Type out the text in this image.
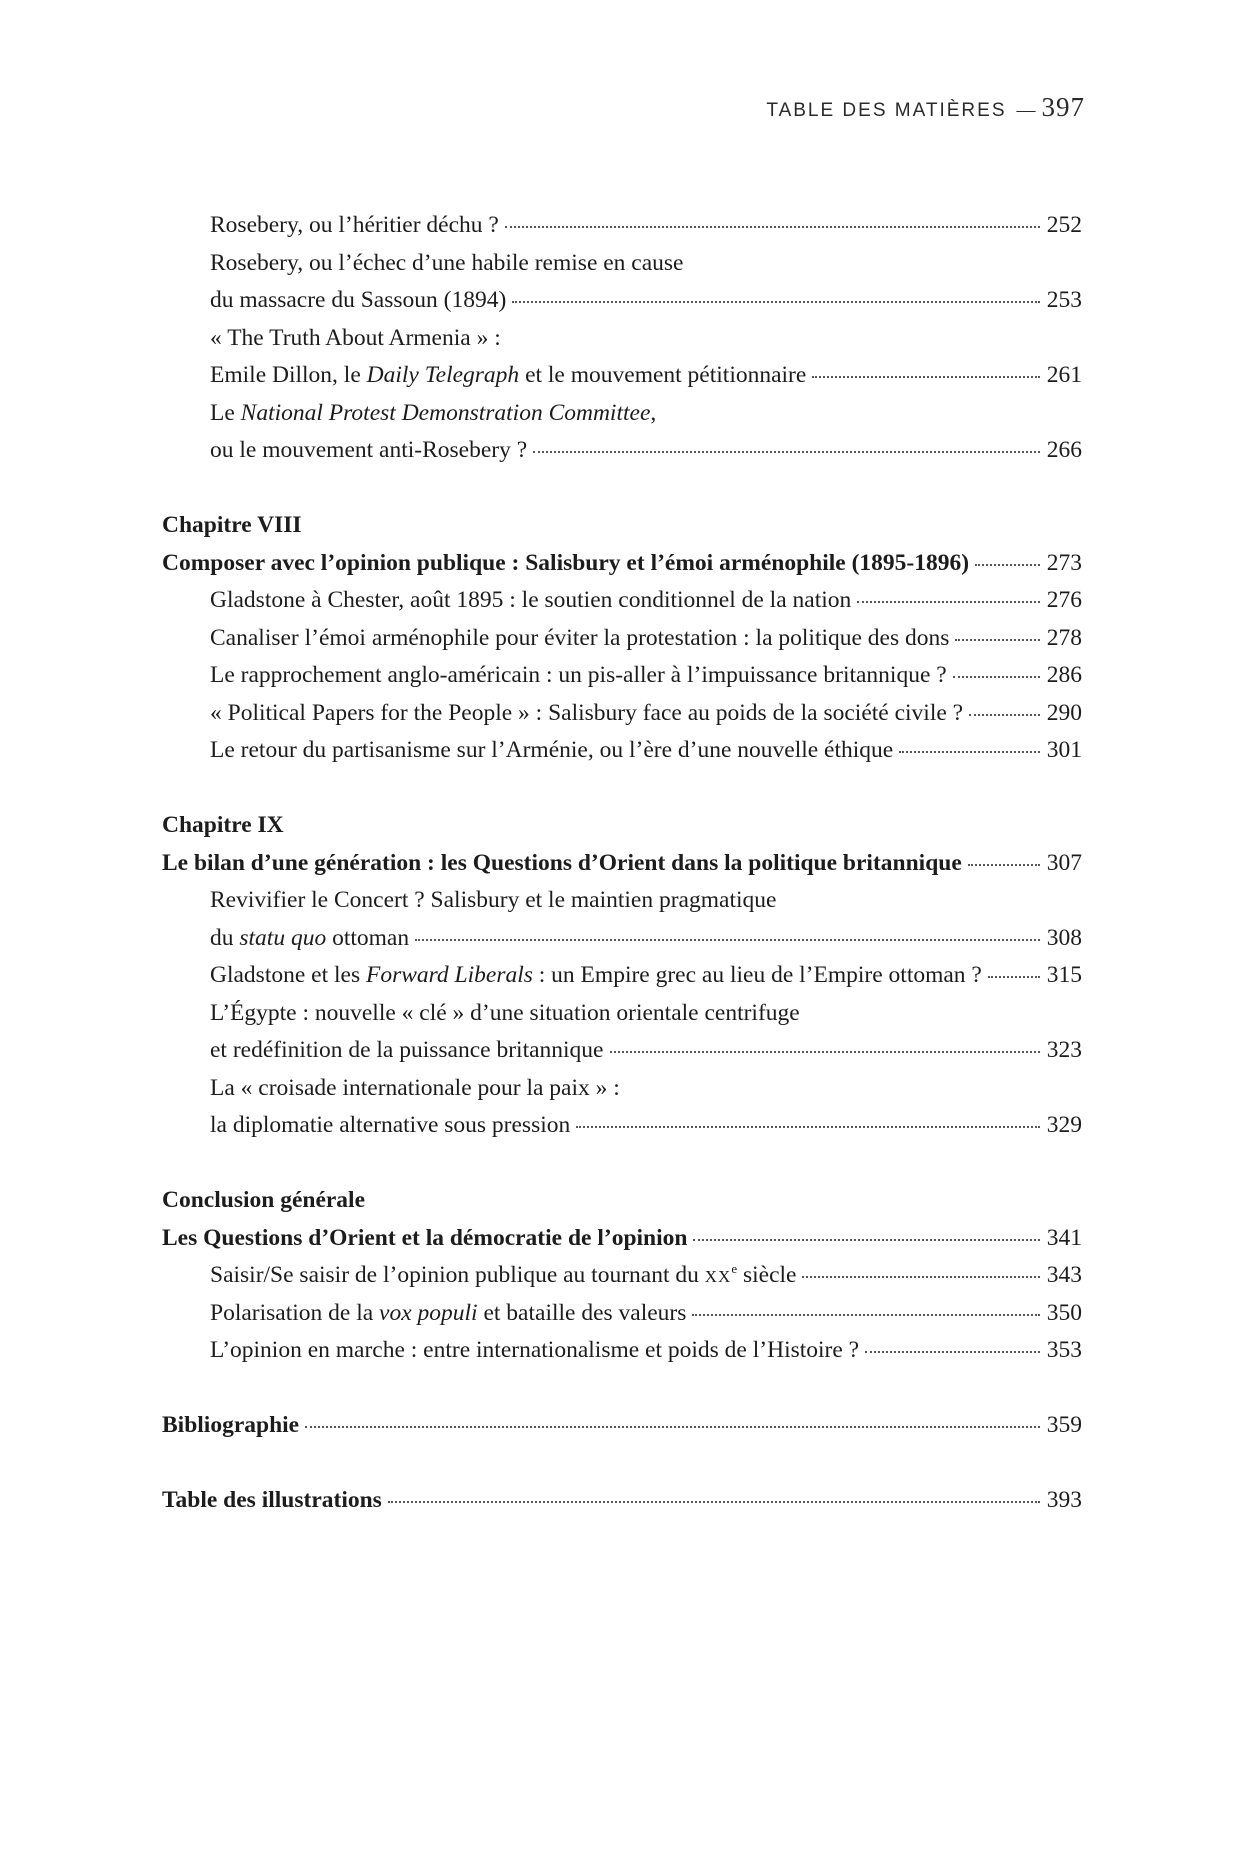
TABLE DES MATIÈRES — 397
Rosebery, ou l’héritier déchu ?	252
Rosebery, ou l’échec d’une habile remise en cause
du massacre du Sassoun (1894)	253
« The Truth About Armenia » :
Emile Dillon, le Daily Telegraph et le mouvement pétitionnaire	261
Le National Protest Demonstration Committee,
ou le mouvement anti-Rosebery ?	266
Chapitre VIII
Composer avec l’opinion publique : Salisbury et l’émoi arménophile (1895-1896)	273
Gladstone à Chester, août 1895 : le soutien conditionnel de la nation	276
Canaliser l’émoi arménophile pour éviter la protestation : la politique des dons	278
Le rapprochement anglo-américain : un pis-aller à l’impuissance britannique ?	286
« Political Papers for the People » : Salisbury face au poids de la société civile ?	290
Le retour du partisanisme sur l’Arménie, ou l’ère d’une nouvelle éthique	301
Chapitre IX
Le bilan d’une génération : les Questions d’Orient dans la politique britannique	307
Revivifier le Concert ? Salisbury et le maintien pragmatique
du statu quo ottoman	308
Gladstone et les Forward Liberals : un Empire grec au lieu de l’Empire ottoman ?	315
L’Égypte : nouvelle « clé » d’une situation orientale centrifuge
et redéfinition de la puissance britannique	323
La « croisade internationale pour la paix » :
la diplomatie alternative sous pression	329
Conclusion générale
Les Questions d’Orient et la démocratie de l’opinion	341
Saisir/Se saisir de l’opinion publique au tournant du XXe siècle	343
Polarisation de la vox populi et bataille des valeurs	350
L’opinion en marche : entre internationalisme et poids de l’Histoire ?	353
Bibliographie	359
Table des illustrations	393
